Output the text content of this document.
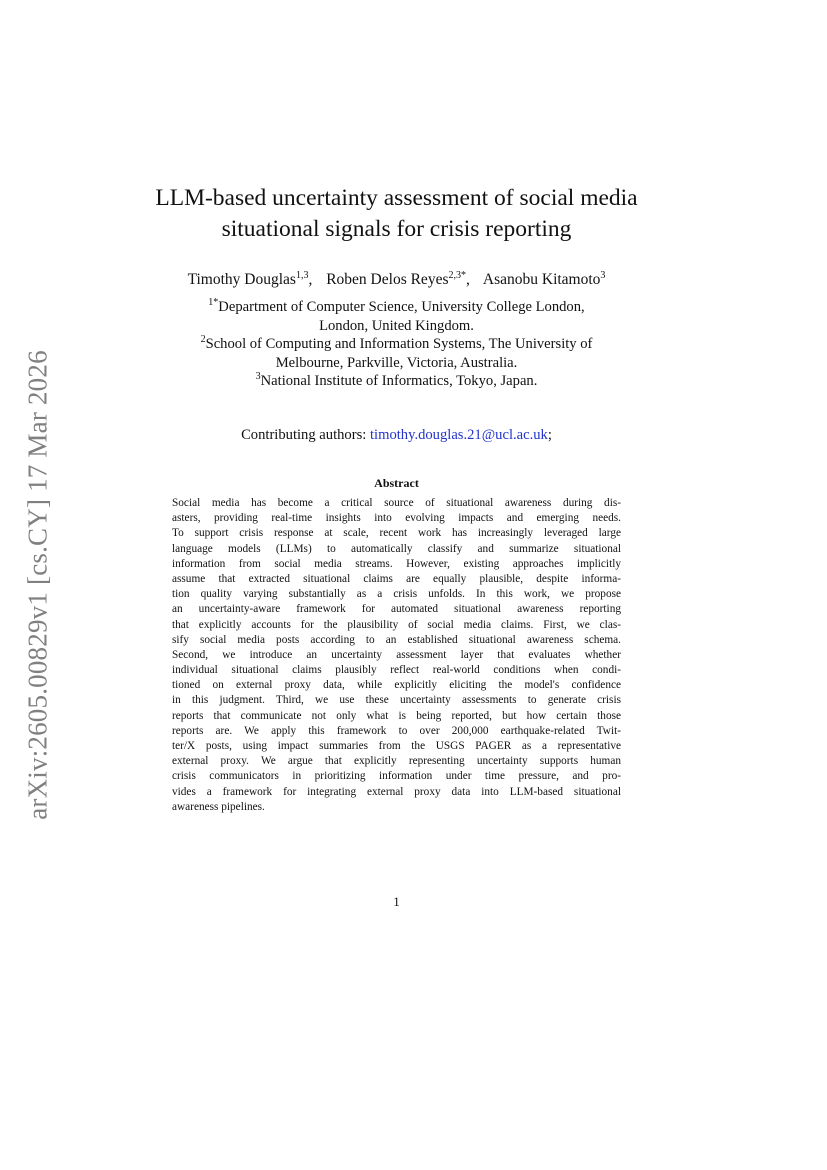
arXiv:2605.00829v1 [cs.CY] 17 Mar 2026
LLM-based uncertainty assessment of social media
situational signals for crisis reporting
Timothy Douglas$^{1,3}$, Roben Delos Reyes$^{2,3*}$, Asanobu Kitamoto$^3$

$^{1*}$Department of Computer Science, University College London,
London, United Kingdom.

$^2$School of Computing and Information Systems, The University of
Melbourne, Parkville, Victoria, Australia.

$^3$National Institute of Informatics, Tokyo, Japan.

Contributing authors: timothy.douglas.21@ucl.ac.uk;
Abstract
Social media has become a critical source of situational awareness during dis-
asters, providing real-time insights into evolving impacts and emerging needs.
To support crisis response at scale, recent work has increasingly leveraged large
language models (LLMs) to automatically classify and summarize situational
information from social media streams. However, existing approaches implicitly
assume that extracted situational claims are equally plausible, despite informa-
tion quality varying substantially as a crisis unfolds. In this work, we propose
an uncertainty-aware framework for automated situational awareness reporting
that explicitly accounts for the plausibility of social media claims. First, we clas-
sify social media posts according to an established situational awareness schema.
Second, we introduce an uncertainty assessment layer that evaluates whether
individual situational claims plausibly reflect real-world conditions when condi-
tioned on external proxy data, while explicitly eliciting the model's confidence
in this judgment. Third, we use these uncertainty assessments to generate crisis
reports that communicate not only what is being reported, but how certain those
reports are. We apply this framework to over 200,000 earthquake-related Twit-
ter/X posts, using impact summaries from the USGS PAGER as a representative
external proxy. We argue that explicitly representing uncertainty supports human
crisis communicators in prioritizing information under time pressure, and pro-
vides a framework for integrating external proxy data into LLM-based situational
awareness pipelines.
1
